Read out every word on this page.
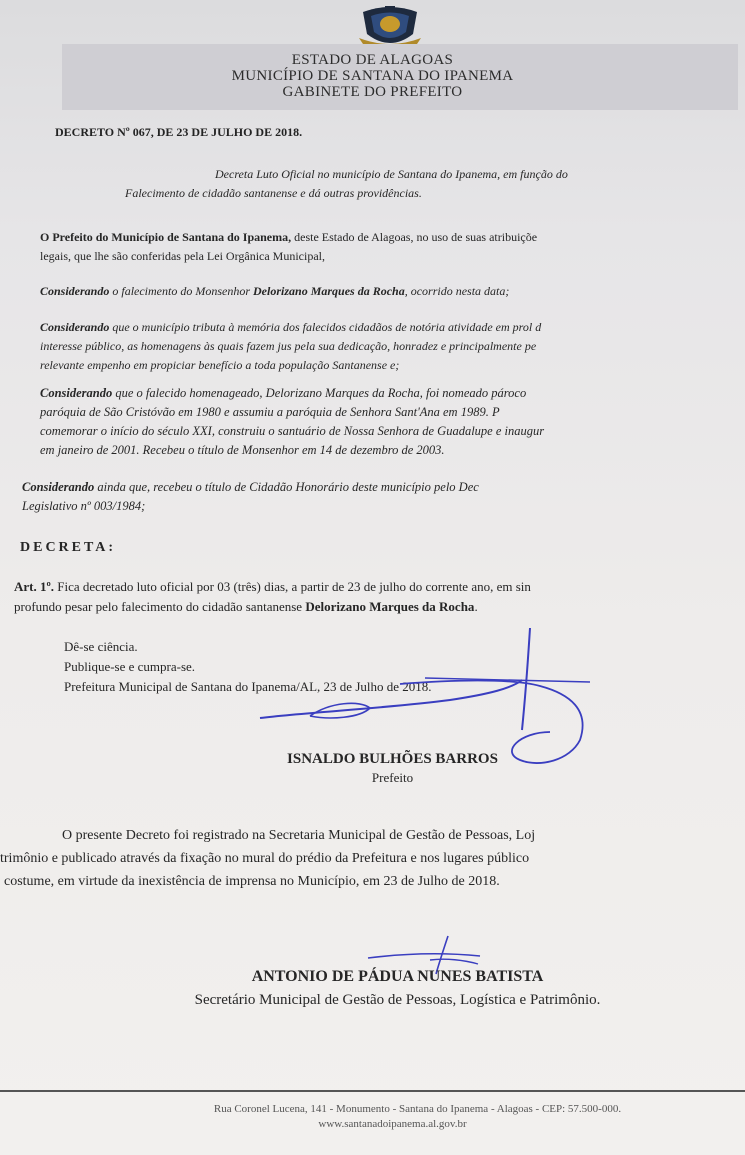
ESTADO DE ALAGOAS
MUNICÍPIO DE SANTANA DO IPANEMA
GABINETE DO PREFEITO
DECRETO Nº 067, DE 23 DE JULHO DE 2018.
Decreta Luto Oficial no município de Santana do Ipanema, em função do
Falecimento de cidadão santanense e dá outras providências.
O Prefeito do Município de Santana do Ipanema, deste Estado de Alagoas, no uso de suas atribuiçõe
legais, que lhe são conferidas pela Lei Orgânica Municipal,
Considerando o falecimento do Monsenhor Delorizano Marques da Rocha, ocorrido nesta data;
Considerando que o município tributa à memória dos falecidos cidadãos de notória atividade em prol d
interesse público, as homenagens às quais fazem jus pela sua dedicação, honradez e principalmente pe
relevante empenho em propiciar benefício a toda população Santanense e;
Considerando que o falecido homenageado, Delorizano Marques da Rocha, foi nomeado pároco
paróquia de São Cristóvão em 1980 e assumiu a paróquia de Senhora Sant'Ana em 1989. P
comemorar o início do século XXI, construiu o santuário de Nossa Senhora de Guadalupe e inaugur
em janeiro de 2001. Recebeu o título de Monsenhor em 14 de dezembro de 2003.
Considerando ainda que, recebeu o título de Cidadão Honorário deste município pelo Dec
Legislativo nº 003/1984;
DECRETA:
Art. 1º. Fica decretado luto oficial por 03 (três) dias, a partir de 23 de julho do corrente ano, em sin
profundo pesar pelo falecimento do cidadão santanense Delorizano Marques da Rocha.
Dê-se ciência.
Publique-se e cumpra-se.
Prefeitura Municipal de Santana do Ipanema/AL, 23 de Julho de 2018.
ISNALDO BULHÕES BARROS
Prefeito
O presente Decreto foi registrado na Secretaria Municipal de Gestão de Pessoas, Loj
trimônio e publicado através da fixação no mural do prédio da Prefeitura e nos lugares público
costume, em virtude da inexistência de imprensa no Município, em 23 de Julho de 2018.
ANTONIO DE PÁDUA NUNES BATISTA
Secretário Municipal de Gestão de Pessoas, Logística e Patrimônio.
Rua Coronel Lucena, 141 - Monumento - Santana do Ipanema - Alagoas - CEP: 57.500-000.
www.santanadoipanema.al.gov.br
